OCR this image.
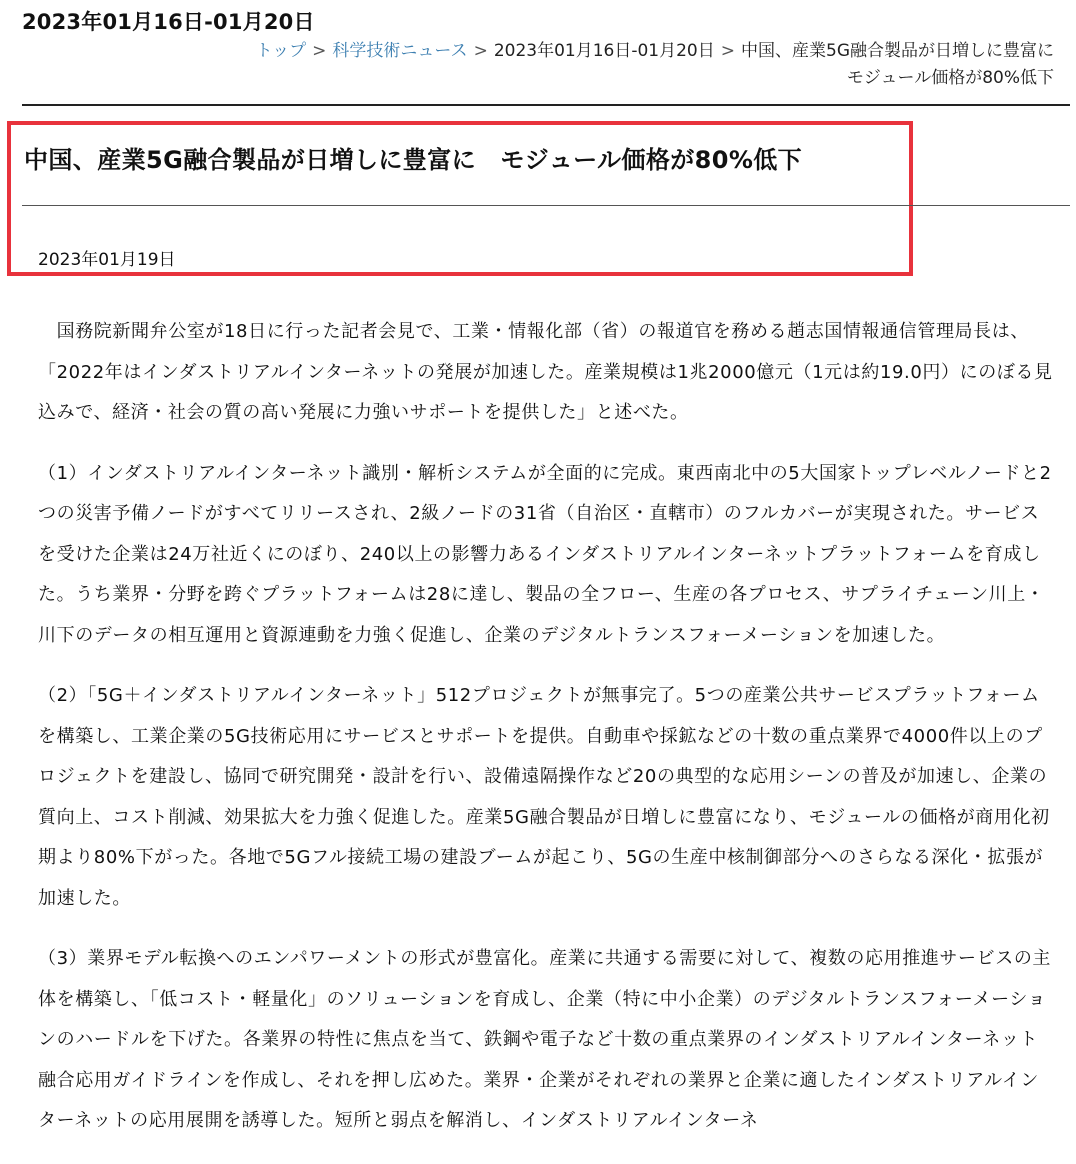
2023年01月16日-01月20日
トップ > 科学技術ニュース > 2023年01月16日-01月20日 > 中国、産業5G融合製品が日増しに豊富に　モジュール価格が80%低下
中国、産業5G融合製品が日増しに豊富に　モジュール価格が80%低下
2023年01月19日

　国務院新聞弁公室が18日に行った記者会見で、工業・情報化部（省）の報道官を務める趙志国情報通信管理局長は、「2022年はインダストリアルインターネットの発展が加速した。産業規模は1兆2000億元（1元は約19.0円）にのぼる見込みで、経済・社会の質の高い発展に力強いサポートを提供した」と述べた。

（1）インダストリアルインターネット識別・解析システムが全面的に完成。東西南北中の5大国家トップレベルノードと2つの災害予備ノードがすべてリリースされ、2級ノードの31省（自治区・直轄市）のフルカバーが実現された。サービスを受けた企業は24万社近くにのぼり、240以上の影響力あるインダストリアルインターネットプラットフォームを育成した。うち業界・分野を跨ぐプラットフォームは28に達し、製品の全フロー、生産の各プロセス、サプライチェーン川上・川下のデータの相互運用と資源連動を力強く促進し、企業のデジタルトランスフォーメーションを加速した。

（2）「5G＋インダストリアルインターネット」512プロジェクトが無事完了。5つの産業公共サービスプラットフォームを構築し、工業企業の5G技術応用にサービスとサポートを提供。自動車や採鉱などの十数の重点業界で4000件以上のプロジェクトを建設し、協同で研究開発・設計を行い、設備遠隔操作など20の典型的な応用シーンの普及が加速し、企業の質向上、コスト削減、効果拡大を力強く促進した。産業5G融合製品が日増しに豊富になり、モジュールの価格が商用化初期より80%下がった。各地で5Gフル接続工場の建設ブームが起こり、5Gの生産中核制御部分へのさらなる深化・拡張が加速した。

（3）業界モデル転換へのエンパワーメントの形式が豊富化。産業に共通する需要に対して、複数の応用推進サービスの主体を構築し、「低コスト・軽量化」のソリューションを育成し、企業（特に中小企業）のデジタルトランスフォーメーションのハードルを下げた。各業界の特性に焦点を当て、鉄鋼や電子など十数の重点業界のインダストリアルインターネット融合応用ガイドラインを作成し、それを押し広めた。業界・企業がそれぞれの業界と企業に適したインダストリアルインターネットの応用展開を誘導した。短所と弱点を解消し、インダストリアルインターネ
